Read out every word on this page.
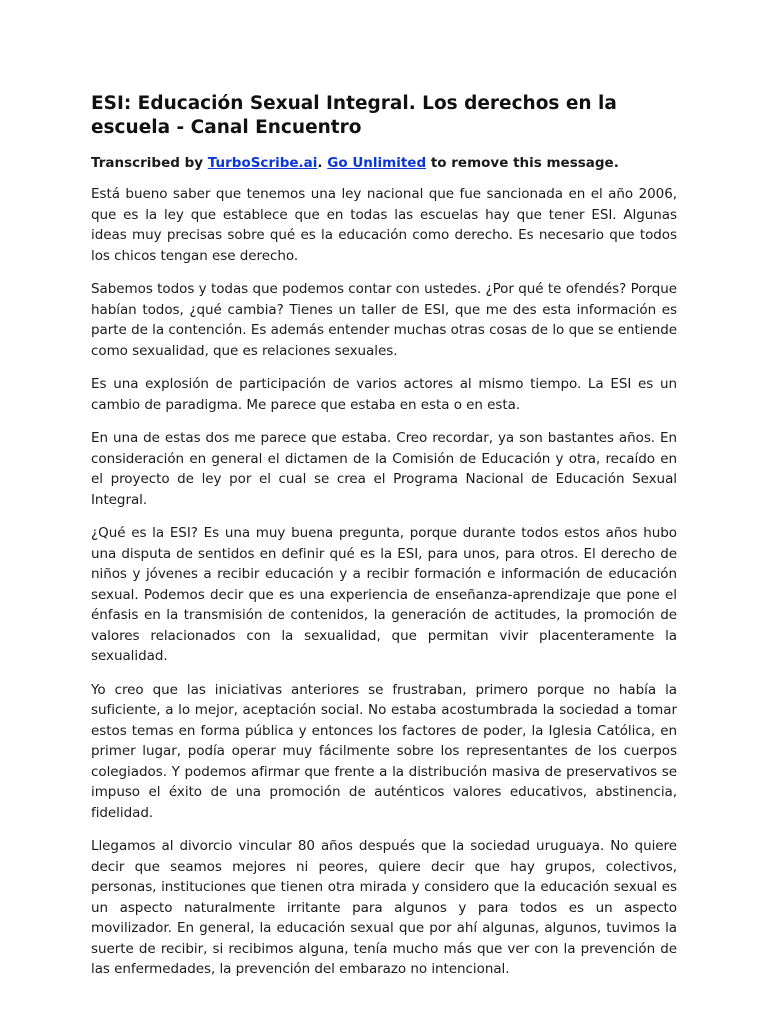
ESI: Educación Sexual Integral. Los derechos en la escuela - Canal Encuentro

Transcribed by TurboScribe.ai. Go Unlimited to remove this message.

Está bueno saber que tenemos una ley nacional que fue sancionada en el año 2006, que es la ley que establece que en todas las escuelas hay que tener ESI. Algunas ideas muy precisas sobre qué es la educación como derecho. Es necesario que todos los chicos tengan ese derecho.

Sabemos todos y todas que podemos contar con ustedes. ¿Por qué te ofendés? Porque habían todos, ¿qué cambia? Tienes un taller de ESI, que me des esta información es parte de la contención. Es además entender muchas otras cosas de lo que se entiende como sexualidad, que es relaciones sexuales.

Es una explosión de participación de varios actores al mismo tiempo. La ESI es un cambio de paradigma. Me parece que estaba en esta o en esta.

En una de estas dos me parece que estaba. Creo recordar, ya son bastantes años. En consideración en general el dictamen de la Comisión de Educación y otra, recaído en el proyecto de ley por el cual se crea el Programa Nacional de Educación Sexual Integral.

¿Qué es la ESI? Es una muy buena pregunta, porque durante todos estos años hubo una disputa de sentidos en definir qué es la ESI, para unos, para otros. El derecho de niños y jóvenes a recibir educación y a recibir formación e información de educación sexual. Podemos decir que es una experiencia de enseñanza-aprendizaje que pone el énfasis en la transmisión de contenidos, la generación de actitudes, la promoción de valores relacionados con la sexualidad, que permitan vivir placenteramente la sexualidad.

Yo creo que las iniciativas anteriores se frustraban, primero porque no había la suficiente, a lo mejor, aceptación social. No estaba acostumbrada la sociedad a tomar estos temas en forma pública y entonces los factores de poder, la Iglesia Católica, en primer lugar, podía operar muy fácilmente sobre los representantes de los cuerpos colegiados. Y podemos afirmar que frente a la distribución masiva de preservativos se impuso el éxito de una promoción de auténticos valores educativos, abstinencia, fidelidad.

Llegamos al divorcio vincular 80 años después que la sociedad uruguaya. No quiere decir que seamos mejores ni peores, quiere decir que hay grupos, colectivos, personas, instituciones que tienen otra mirada y considero que la educación sexual es un aspecto naturalmente irritante para algunos y para todos es un aspecto movilizador. En general, la educación sexual que por ahí algunas, algunos, tuvimos la suerte de recibir, si recibimos alguna, tenía mucho más que ver con la prevención de las enfermedades, la prevención del embarazo no intencional.
